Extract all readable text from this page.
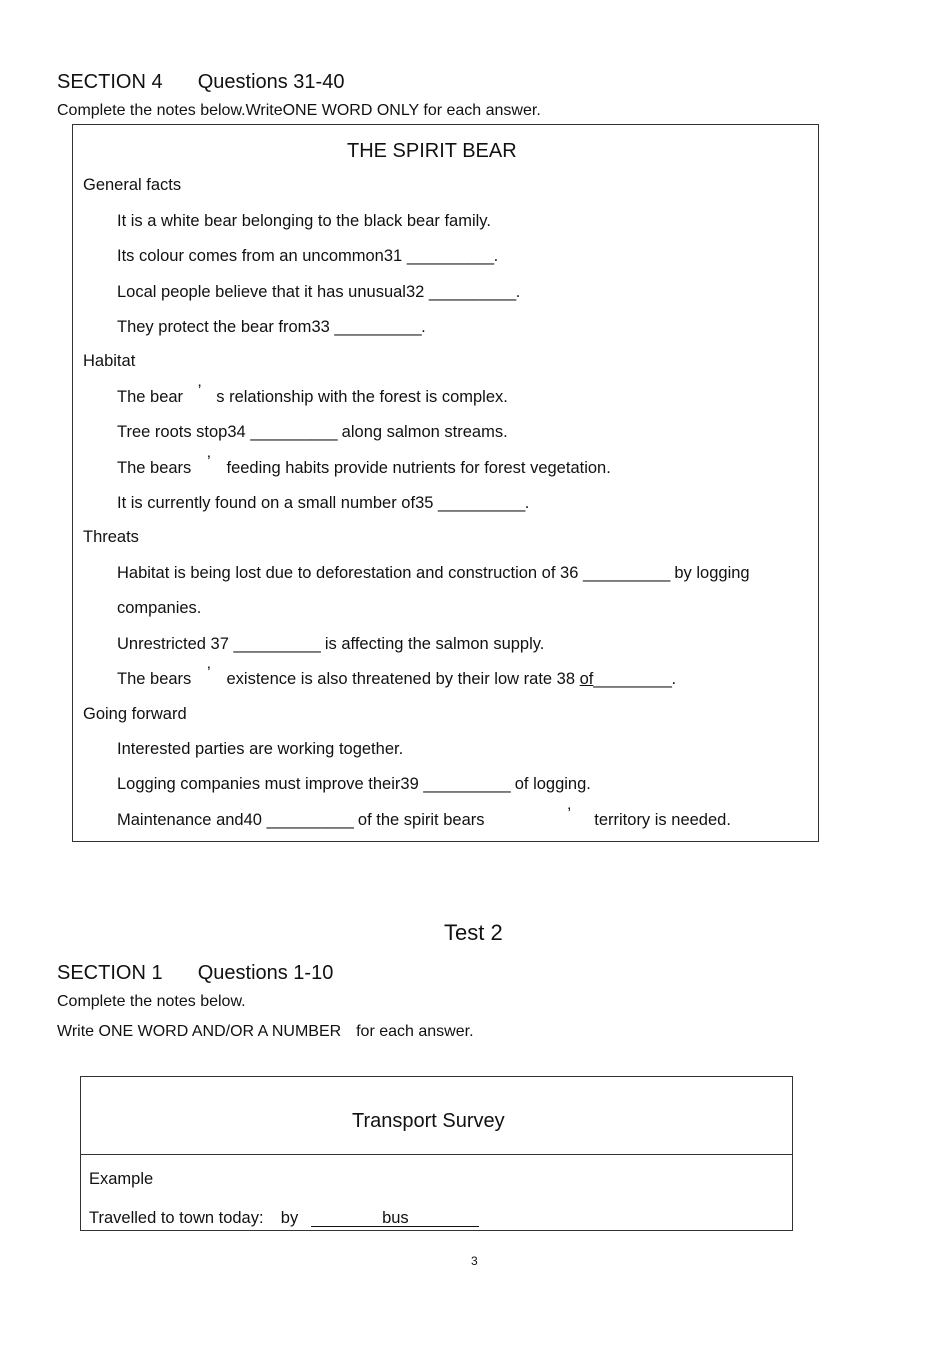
SECTION 4 Questions 31-40
Complete the notes below.WriteONE WORD ONLY for each answer.
THE SPIRIT BEAR
General facts
It is a white bear belonging to the black bear family.
Its colour comes from an uncommon31 __________.
Local people believe that it has unusual32 __________.
They protect the bear from33 __________.
Habitat
The bear ’ s relationship with the forest is complex.
Tree roots stop34 __________ along salmon streams.
The bears ’ feeding habits provide nutrients for forest vegetation.
It is currently found on a small number of35 __________.
Threats
Habitat is being lost due to deforestation and construction of 36 __________ by logging
companies.
Unrestricted 37 __________ is affecting the salmon supply.
The bears ’ existence is also threatened by their low rate 38 of_________.
Going forward
Interested parties are working together.
Logging companies must improve their39 __________ of logging.
Maintenance and40 __________ of the spirit bears	’ territory is needed.
Test 2
SECTION 1 Questions 1-10
Complete the notes below.
Write ONE WORD AND/OR A NUMBER for each answer.
Transport Survey
Example
Travelled to town today: by	bus
3
